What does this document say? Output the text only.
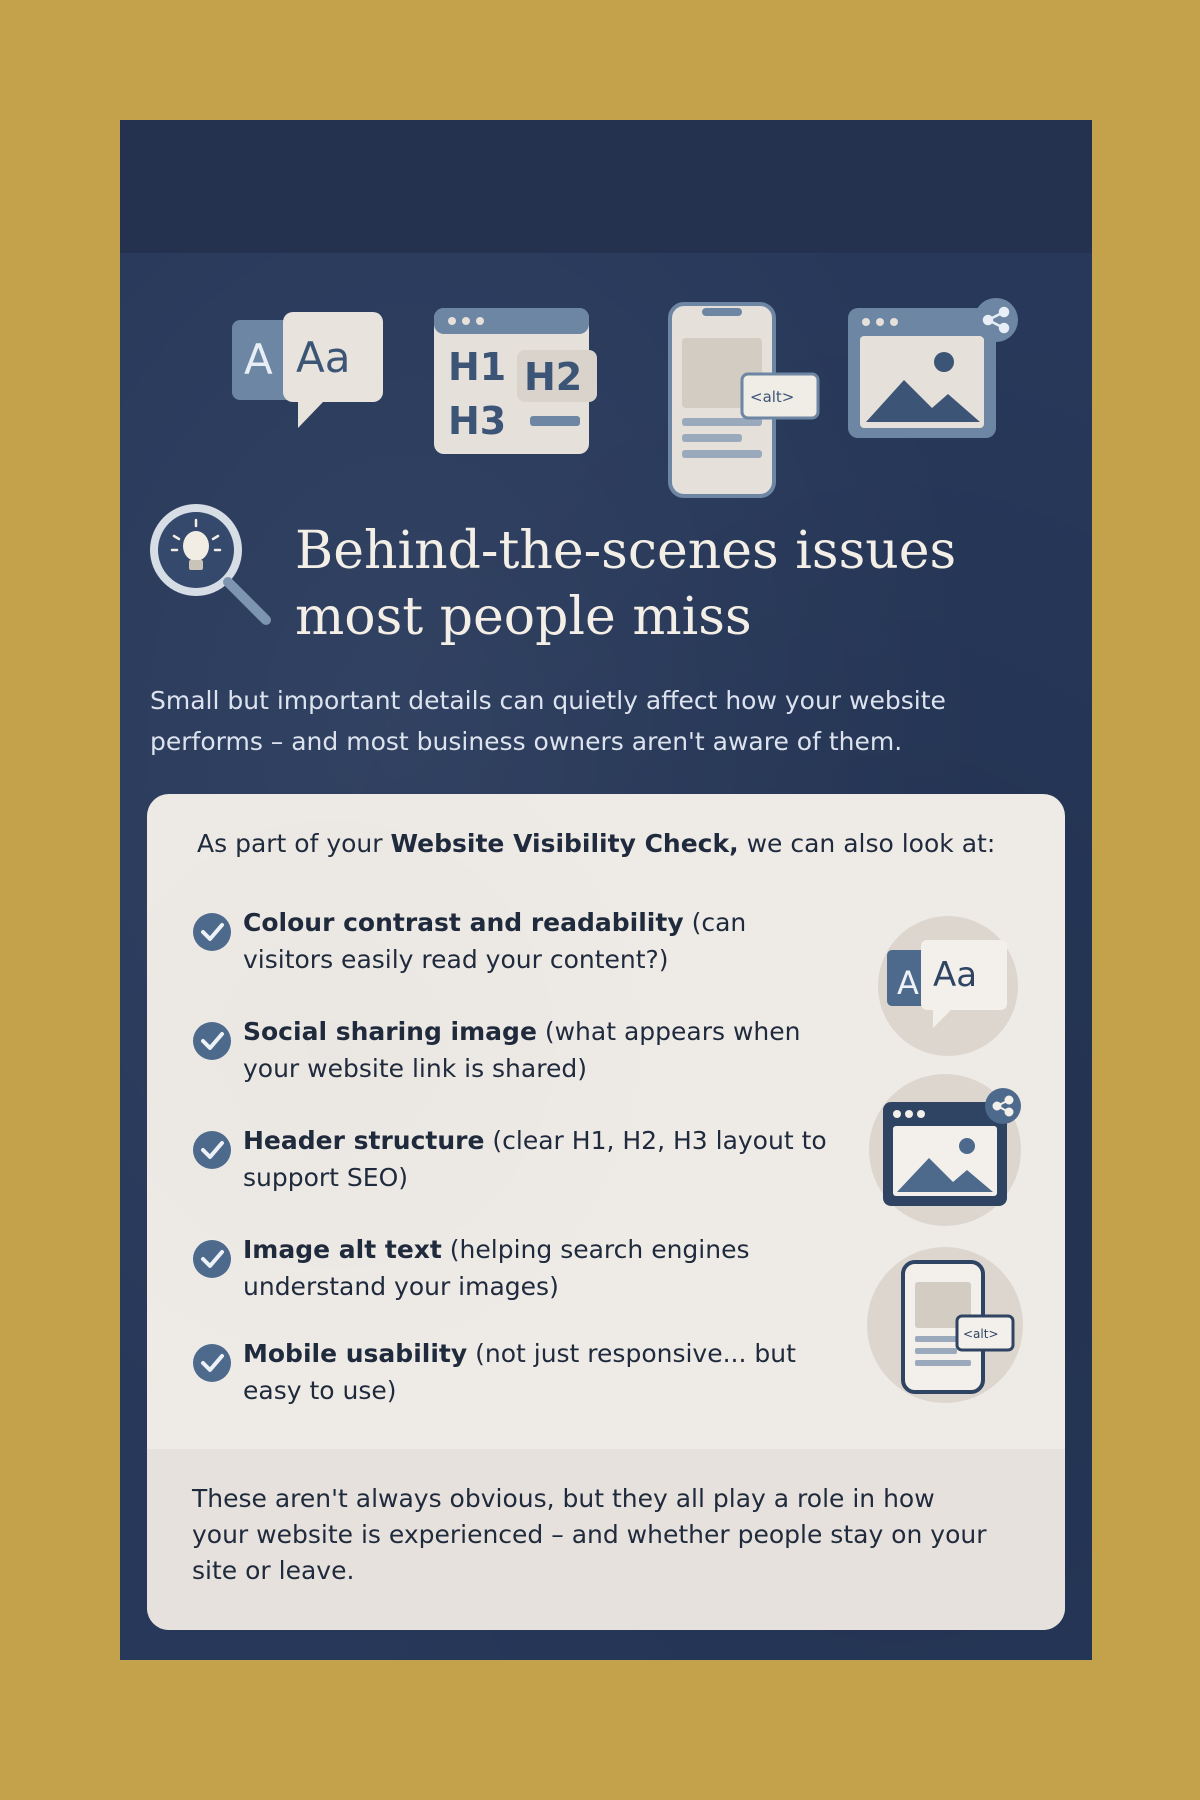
A Aa	H1 H2
H3
<alt>
Behind-the-scenes issues
most people miss

Small but important details can quietly affect how your website performs – and most business owners aren't aware of them.

As part of your Website Visibility Check, we can also look at:

Colour contrast and readability (can visitors easily read your content?)
Social sharing image (what appears when your website link is shared)
Header structure (clear H1, H2, H3 layout to support SEO)
Image alt text (helping search engines understand your images)
Mobile usability (not just responsive... but easy to use)
A Aa
<alt>

These aren't always obvious, but they all play a role in how your website is experienced – and whether people stay on your site or leave.
